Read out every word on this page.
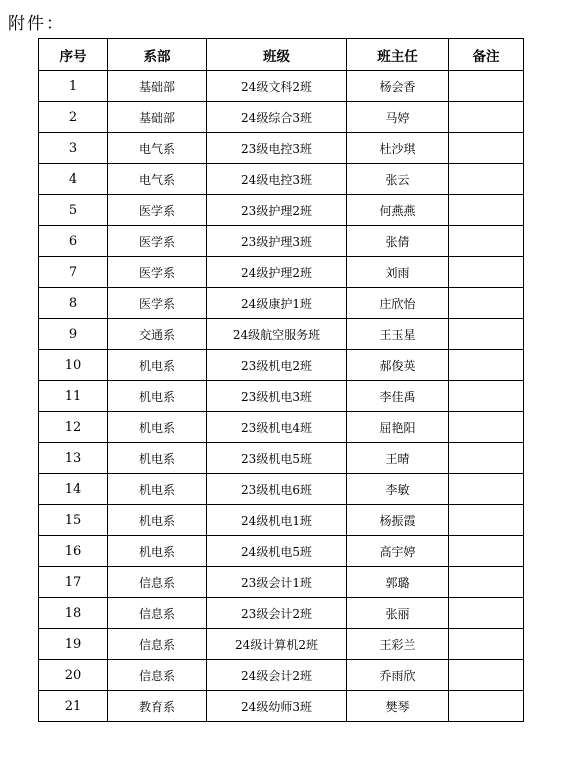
附件：
序号	系部	班级	班主任	备注
1	基础部	24级文科2班	杨会香	
2	基础部	24级综合3班	马婷	
3	电气系	23级电控3班	杜沙琪	
4	电气系	24级电控3班	张云	
5	医学系	23级护理2班	何燕燕	
6	医学系	23级护理3班	张倩	
7	医学系	24级护理2班	刘雨	
8	医学系	24级康护1班	庄欣怡	
9	交通系	24级航空服务班	王玉星	
10	机电系	23级机电2班	郝俊英	
11	机电系	23级机电3班	李佳禹	
12	机电系	23级机电4班	屈艳阳	
13	机电系	23级机电5班	王晴	
14	机电系	23级机电6班	李敏	
15	机电系	24级机电1班	杨振霞	
16	机电系	24级机电5班	高宇婷	
17	信息系	23级会计1班	郭璐	
18	信息系	23级会计2班	张丽	
19	信息系	24级计算机2班	王彩兰	
20	信息系	24级会计2班	乔雨欣	
21	教育系	24级幼师3班	樊琴	
